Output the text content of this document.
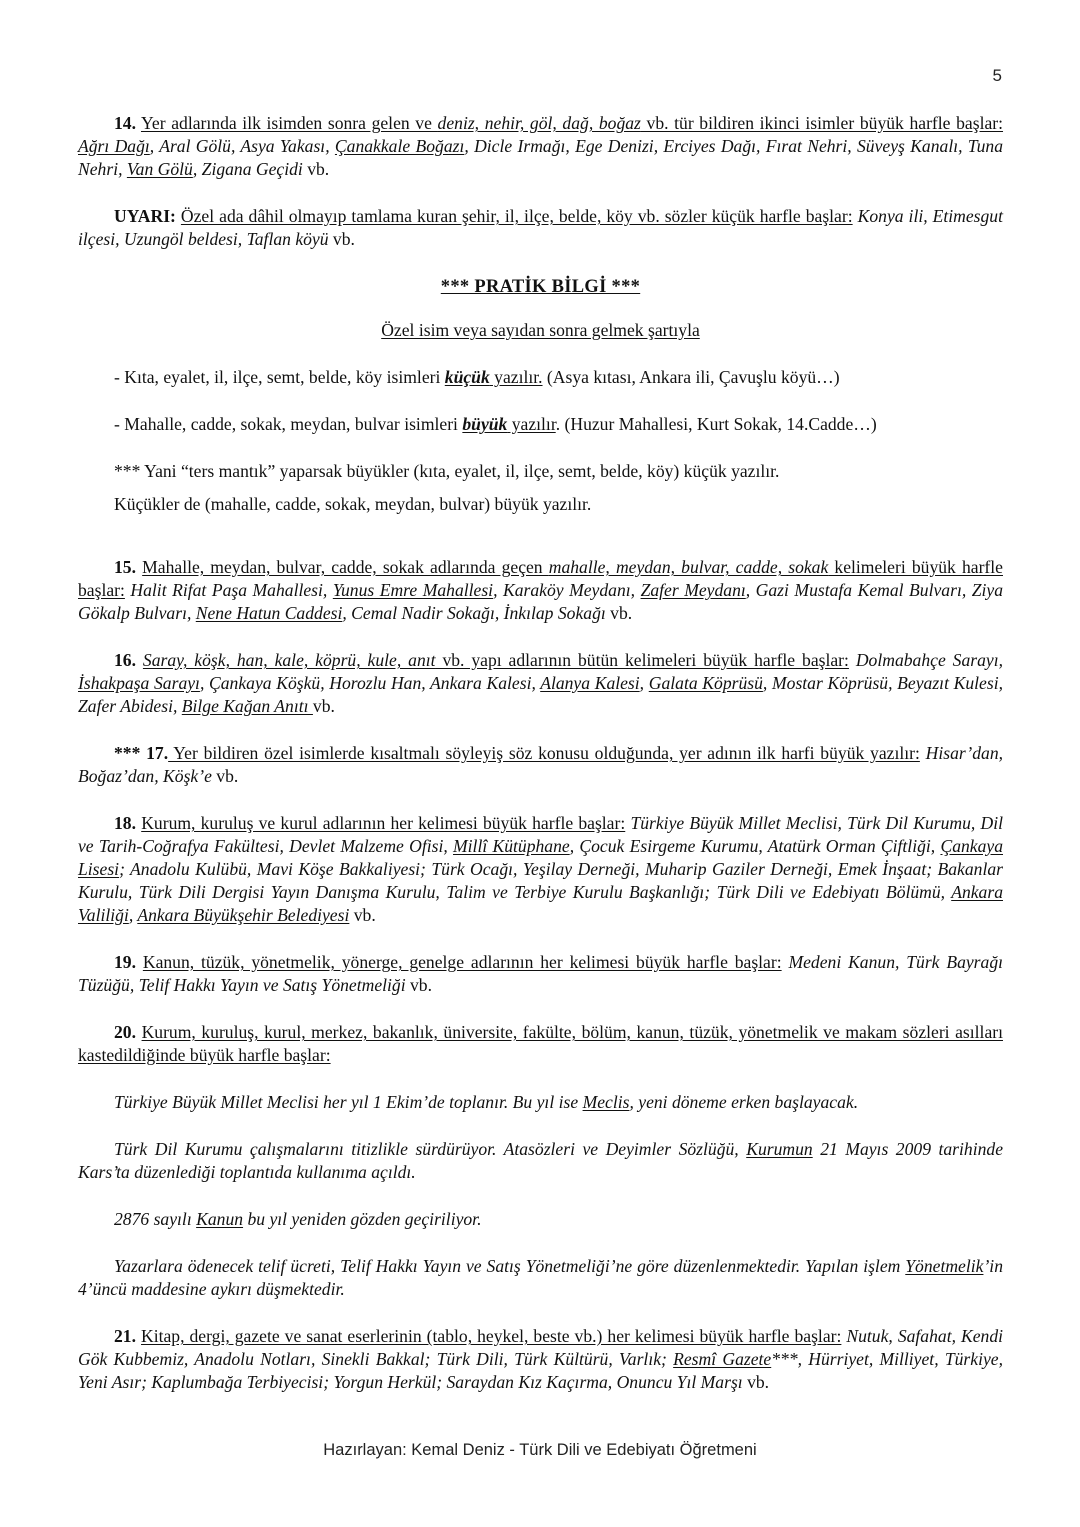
5

14. Yer adlarında ilk isimden sonra gelen ve deniz, nehir, göl, dağ, boğaz vb. tür bildiren ikinci isimler büyük harfle başlar: Ağrı Dağı, Aral Gölü, Asya Yakası, Çanakkale Boğazı, Dicle Irmağı, Ege Denizi, Erciyes Dağı, Fırat Nehri, Süveyş Kanalı, Tuna Nehri, Van Gölü, Zigana Geçidi vb.

UYARI: Özel ada dâhil olmayıp tamlama kuran şehir, il, ilçe, belde, köy vb. sözler küçük harfle başlar: Konya ili, Etimesgut ilçesi, Uzungöl beldesi, Taflan köyü vb.

*** PRATİK BİLGİ ***

Özel isim veya sayıdan sonra gelmek şartıyla

- Kıta, eyalet, il, ilçe, semt, belde, köy isimleri küçük yazılır. (Asya kıtası, Ankara ili, Çavuşlu köyü…)

- Mahalle, cadde, sokak, meydan, bulvar isimleri büyük yazılır. (Huzur Mahallesi, Kurt Sokak, 14.Cadde…)

*** Yani “ters mantık” yaparsak büyükler (kıta, eyalet, il, ilçe, semt, belde, köy) küçük yazılır.

Küçükler de (mahalle, cadde, sokak, meydan, bulvar) büyük yazılır.

15. Mahalle, meydan, bulvar, cadde, sokak adlarında geçen mahalle, meydan, bulvar, cadde, sokak kelimeleri büyük harfle başlar: Halit Rifat Paşa Mahallesi, Yunus Emre Mahallesi, Karaköy Meydanı, Zafer Meydanı, Gazi Mustafa Kemal Bulvarı, Ziya Gökalp Bulvarı, Nene Hatun Caddesi, Cemal Nadir Sokağı, İnkılap Sokağı vb.

16. Saray, köşk, han, kale, köprü, kule, anıt vb. yapı adlarının bütün kelimeleri büyük harfle başlar: Dolmabahçe Sarayı, İshakpaşa Sarayı, Çankaya Köşkü, Horozlu Han, Ankara Kalesi, Alanya Kalesi, Galata Köprüsü, Mostar Köprüsü, Beyazıt Kulesi, Zafer Abidesi, Bilge Kağan Anıtı vb.

*** 17. Yer bildiren özel isimlerde kısaltmalı söyleyiş söz konusu olduğunda, yer adının ilk harfi büyük yazılır: Hisar’dan, Boğaz’dan, Köşk’e vb.

18. Kurum, kuruluş ve kurul adlarının her kelimesi büyük harfle başlar: Türkiye Büyük Millet Meclisi, Türk Dil Kurumu, Dil ve Tarih-Coğrafya Fakültesi, Devlet Malzeme Ofisi, Millî Kütüphane, Çocuk Esirgeme Kurumu, Atatürk Orman Çiftliği, Çankaya Lisesi; Anadolu Kulübü, Mavi Köşe Bakkaliyesi; Türk Ocağı, Yeşilay Derneği, Muharip Gaziler Derneği, Emek İnşaat; Bakanlar Kurulu, Türk Dili Dergisi Yayın Danışma Kurulu, Talim ve Terbiye Kurulu Başkanlığı; Türk Dili ve Edebiyatı Bölümü, Ankara Valiliği, Ankara Büyükşehir Belediyesi vb.

19. Kanun, tüzük, yönetmelik, yönerge, genelge adlarının her kelimesi büyük harfle başlar: Medeni Kanun, Türk Bayrağı Tüzüğü, Telif Hakkı Yayın ve Satış Yönetmeliği vb.

20. Kurum, kuruluş, kurul, merkez, bakanlık, üniversite, fakülte, bölüm, kanun, tüzük, yönetmelik ve makam sözleri asılları kastedildiğinde büyük harfle başlar:

Türkiye Büyük Millet Meclisi her yıl 1 Ekim’de toplanır. Bu yıl ise Meclis, yeni döneme erken başlayacak.

Türk Dil Kurumu çalışmalarını titizlikle sürdürüyor. Atasözleri ve Deyimler Sözlüğü, Kurumun 21 Mayıs 2009 tarihinde Kars’ta düzenlediği toplantıda kullanıma açıldı.

2876 sayılı Kanun bu yıl yeniden gözden geçiriliyor.

Yazarlara ödenecek telif ücreti, Telif Hakkı Yayın ve Satış Yönetmeliği’ne göre düzenlenmektedir. Yapılan işlem Yönetmelik’in 4’üncü maddesine aykırı düşmektedir.

21. Kitap, dergi, gazete ve sanat eserlerinin (tablo, heykel, beste vb.) her kelimesi büyük harfle başlar: Nutuk, Safahat, Kendi Gök Kubbemiz, Anadolu Notları, Sinekli Bakkal; Türk Dili, Türk Kültürü, Varlık; Resmî Gazete***, Hürriyet, Milliyet, Türkiye, Yeni Asır; Kaplumbağa Terbiyecisi; Yorgun Herkül; Saraydan Kız Kaçırma, Onuncu Yıl Marşı vb.

Hazırlayan: Kemal Deniz - Türk Dili ve Edebiyatı Öğretmeni
